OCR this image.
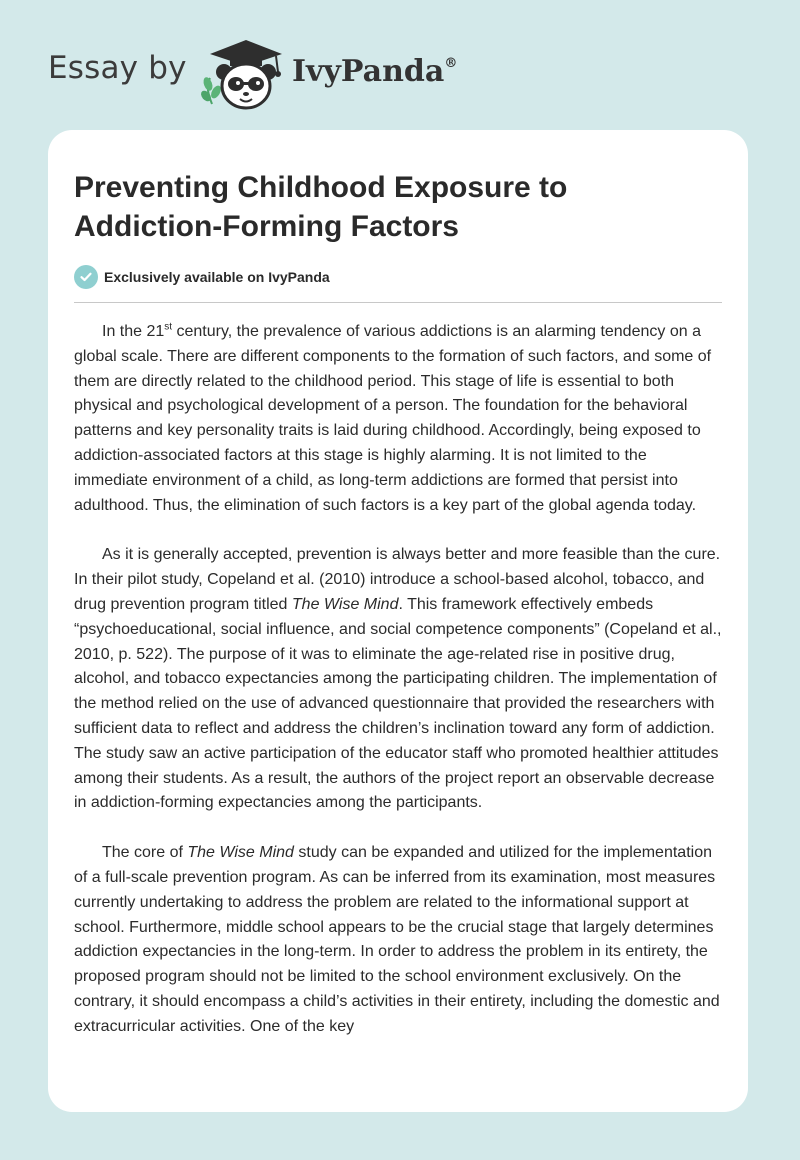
Essay by	IvyPanda®
Preventing Childhood Exposure to Addiction-Forming Factors
Exclusively available on IvyPanda

In the 21st century, the prevalence of various addictions is an alarming tendency on a global scale. There are different components to the formation of such factors, and some of them are directly related to the childhood period. This stage of life is essential to both physical and psychological development of a person. The foundation for the behavioral patterns and key personality traits is laid during childhood. Accordingly, being exposed to addiction-associated factors at this stage is highly alarming. It is not limited to the immediate environment of a child, as long-term addictions are formed that persist into adulthood. Thus, the elimination of such factors is a key part of the global agenda today.

As it is generally accepted, prevention is always better and more feasible than the cure. In their pilot study, Copeland et al. (2010) introduce a school-based alcohol, tobacco, and drug prevention program titled The Wise Mind. This framework effectively embeds “psychoeducational, social influence, and social competence components” (Copeland et al., 2010, p. 522). The purpose of it was to eliminate the age-related rise in positive drug, alcohol, and tobacco expectancies among the participating children. The implementation of the method relied on the use of advanced questionnaire that provided the researchers with sufficient data to reflect and address the children’s inclination toward any form of addiction. The study saw an active participation of the educator staff who promoted healthier attitudes among their students. As a result, the authors of the project report an observable decrease in addiction-forming expectancies among the participants.

The core of The Wise Mind study can be expanded and utilized for the implementation of a full-scale prevention program. As can be inferred from its examination, most measures currently undertaking to address the problem are related to the informational support at school. Furthermore, middle school appears to be the crucial stage that largely determines addiction expectancies in the long-term. In order to address the problem in its entirety, the proposed program should not be limited to the school environment exclusively. On the contrary, it should encompass a child’s activities in their entirety, including the domestic and extracurricular activities. One of the key
